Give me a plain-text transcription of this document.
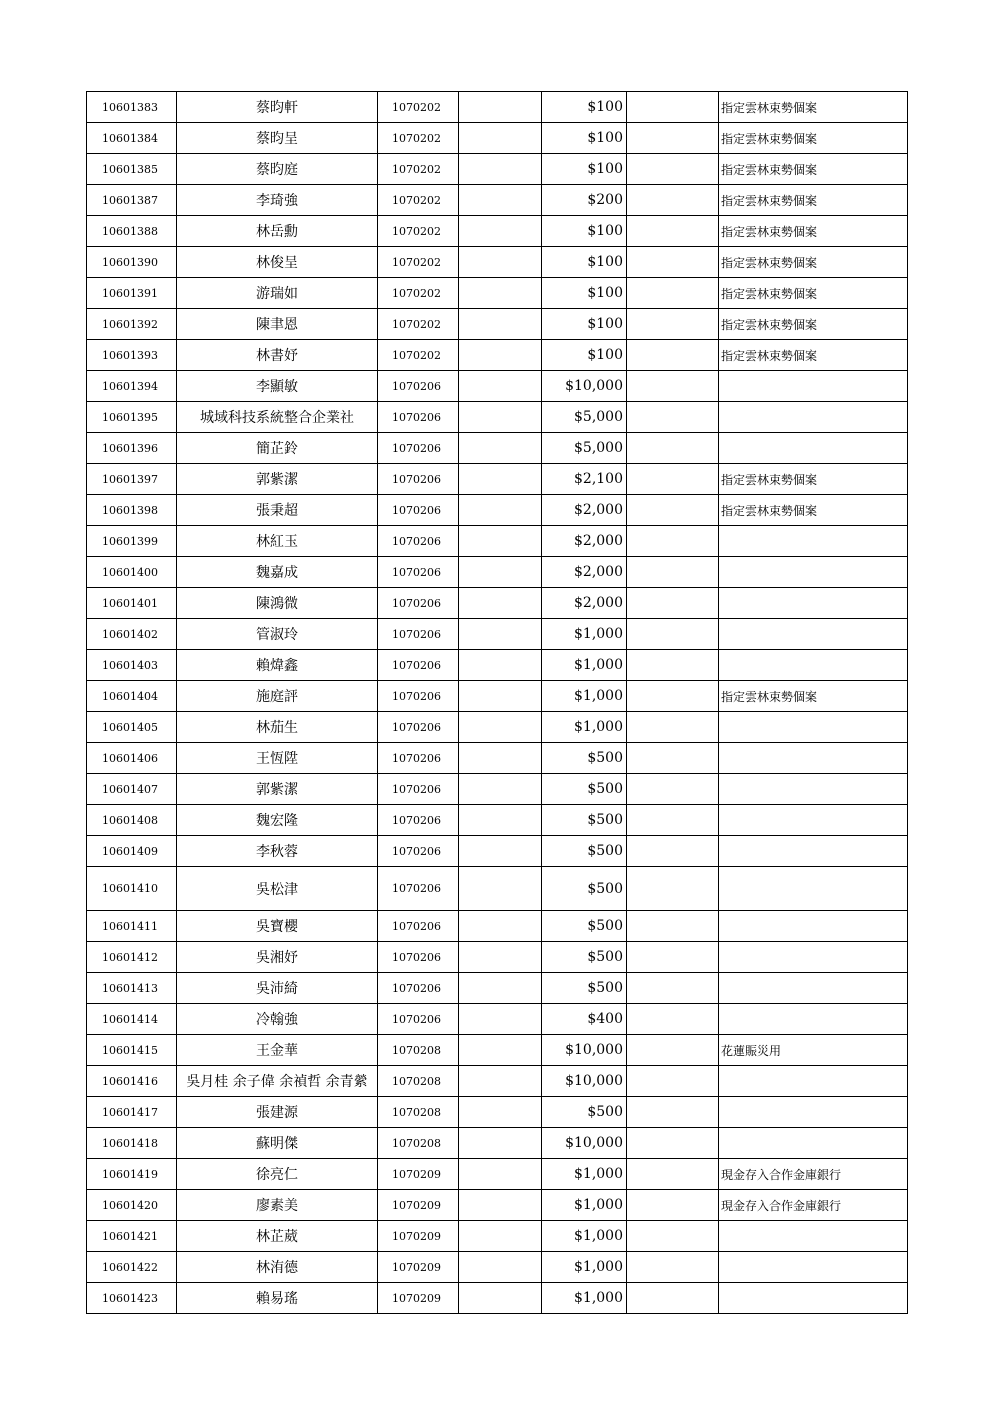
10601383	蔡昀軒	1070202		$100		指定雲林束勢個案
10601384	蔡昀呈	1070202		$100		指定雲林束勢個案
10601385	蔡昀庭	1070202		$100		指定雲林束勢個案
10601387	李琦強	1070202		$200		指定雲林束勢個案
10601388	林岳勳	1070202		$100		指定雲林束勢個案
10601390	林俊呈	1070202		$100		指定雲林束勢個案
10601391	游瑞如	1070202		$100		指定雲林束勢個案
10601392	陳聿恩	1070202		$100		指定雲林束勢個案
10601393	林書妤	1070202		$100		指定雲林束勢個案
10601394	李顯敏	1070206		$10,000		
10601395	城域科技系統整合企業社	1070206		$5,000		
10601396	簡芷鈴	1070206		$5,000		
10601397	郭紫潔	1070206		$2,100		指定雲林束勢個案
10601398	張秉超	1070206		$2,000		指定雲林束勢個案
10601399	林紅玉	1070206		$2,000		
10601400	魏嘉成	1070206		$2,000		
10601401	陳鴻微	1070206		$2,000		
10601402	管淑玲	1070206		$1,000		
10601403	賴煒鑫	1070206		$1,000		
10601404	施庭評	1070206		$1,000		指定雲林束勢個案
10601405	林茄生	1070206		$1,000		
10601406	王恆陞	1070206		$500		
10601407	郭紫潔	1070206		$500		
10601408	魏宏隆	1070206		$500		
10601409	李秋蓉	1070206		$500		
10601410	吳松津	1070206		$500		
10601411	吳寶櫻	1070206		$500		
10601412	吳湘妤	1070206		$500		
10601413	吳沛綺	1070206		$500		
10601414	冷翰強	1070206		$400		
10601415	王金華	1070208		$10,000		花蓮賑災用
10601416	吳月桂 余子偉 余禎哲 余青縈	1070208		$10,000		
10601417	張建源	1070208		$500		
10601418	蘇明傑	1070208		$10,000		
10601419	徐亮仁	1070209		$1,000		現金存入合作金庫銀行
10601420	廖素美	1070209		$1,000		現金存入合作金庫銀行
10601421	林芷葳	1070209		$1,000		
10601422	林洧德	1070209		$1,000		
10601423	賴易瑤	1070209		$1,000		
